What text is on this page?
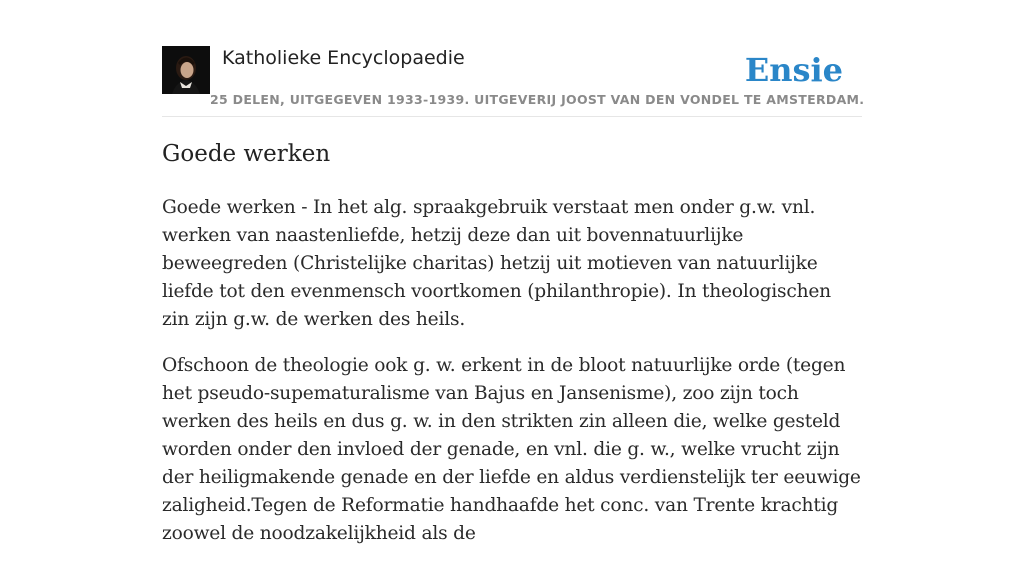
Katholieke Encyclopaedie
25 DELEN, UITGEGEVEN 1933-1939. UITGEVERIJ JOOST VAN DEN VONDEL TE AMSTERDAM.
Ensie
Goede werken

Goede werken - In het alg. spraakgebruik verstaat men onder g.w. vnl. werken van naastenliefde, hetzij deze dan uit bovennatuurlijke beweegreden (Christelijke charitas) hetzij uit motieven van natuurlijke liefde tot den evenmensch voortkomen (philanthropie). In theologischen zin zijn g.w. de werken des heils.

Ofschoon de theologie ook g. w. erkent in de bloot natuurlijke orde (tegen het pseudo-supematuralisme van Bajus en Jansenisme), zoo zijn toch werken des heils en dus g. w. in den strikten zin alleen die, welke gesteld worden onder den invloed der genade, en vnl. die g. w., welke vrucht zijn der heiligmakende genade en der liefde en aldus verdienstelijk ter eeuwige zaligheid.Tegen de Reformatie handhaafde het conc. van Trente krachtig zoowel de noodzakelijkheid als de
